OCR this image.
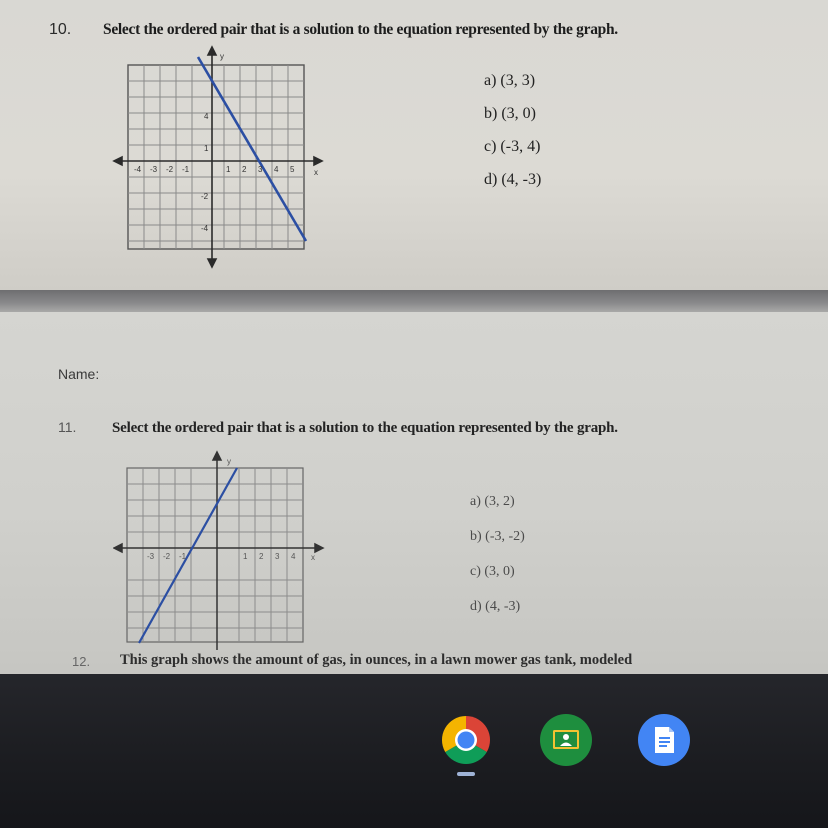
10. Select the ordered pair that is a solution to the equation represented by the graph.
y
x
-4 -3 -2 -1	1 2 3 4 5
4
1
-2
-4
a) (3, 3)
b) (3, 0)
c) (-3, 4)
d) (4, -3)
Name:
11. Select the ordered pair that is a solution to the equation represented by the graph.
y
x
-3 -2 -1	1 2 3 4
a) (3, 2)
b) (-3, -2)
c) (3, 0)
d) (4, -3)
12. This graph shows the amount of gas, in ounces, in a lawn mower gas tank, modeled
